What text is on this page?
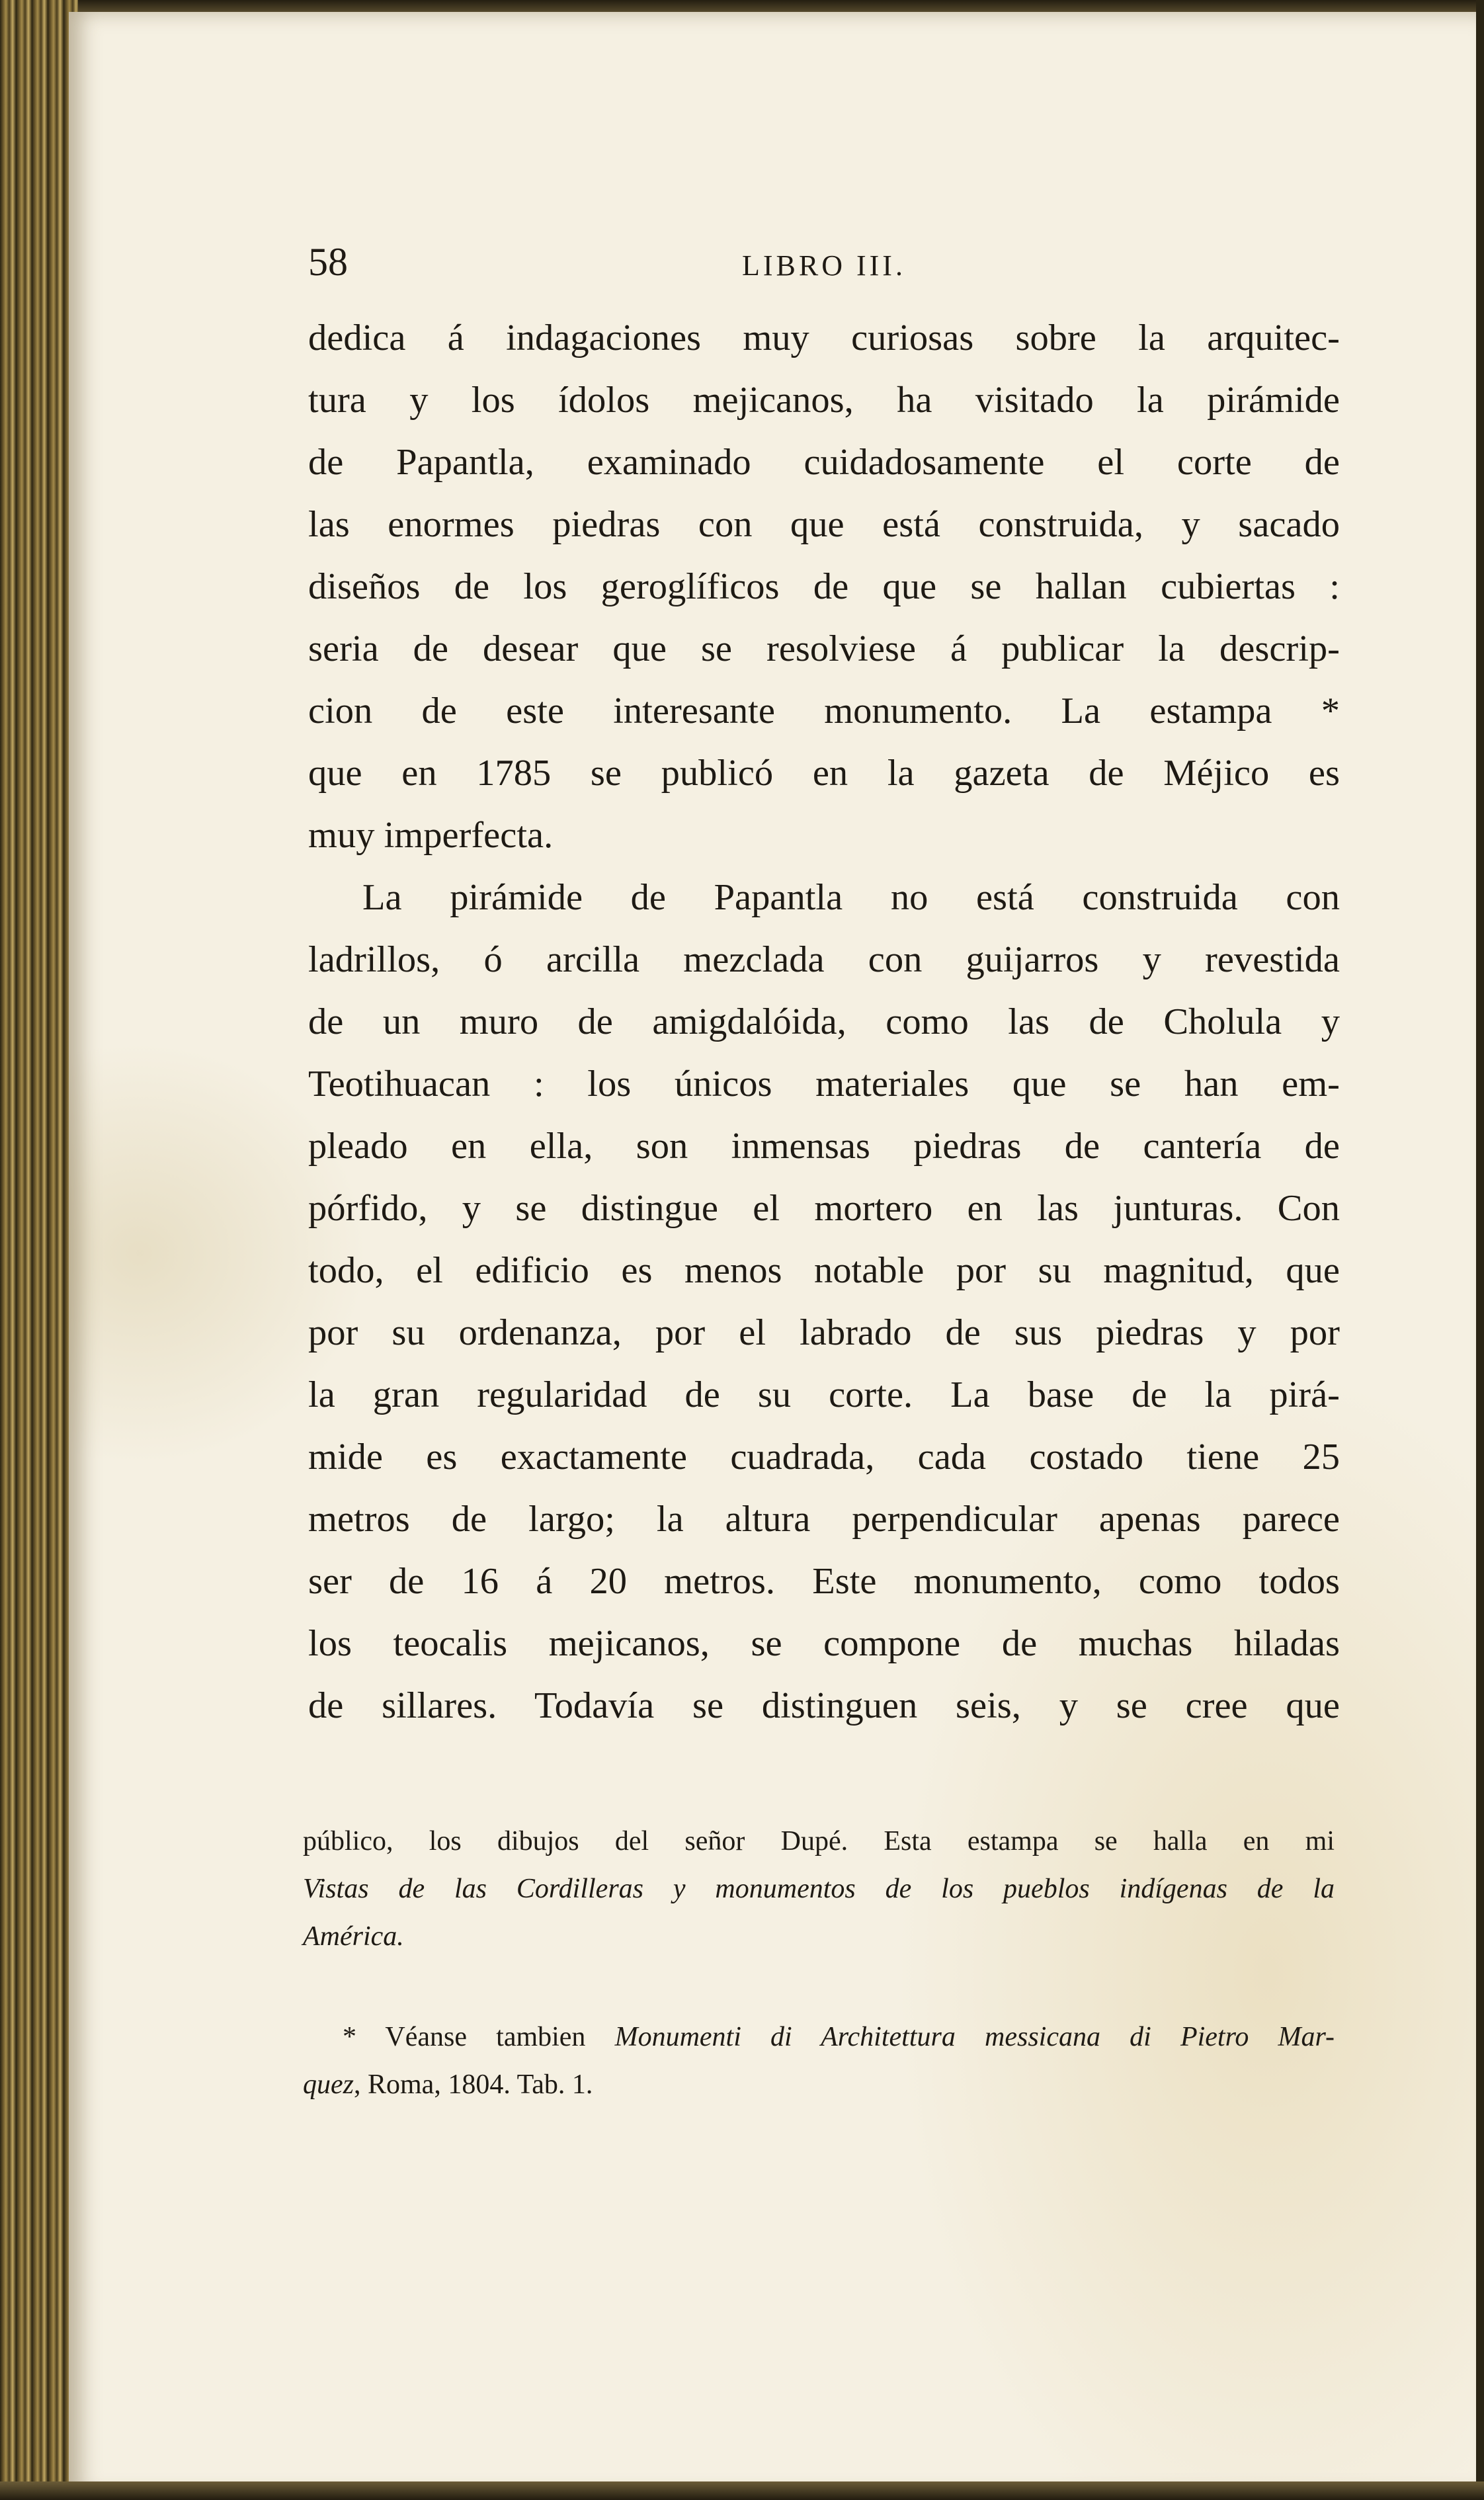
58	LIBRO III.
dedica á indagaciones muy curiosas sobre la arquitec-
tura y los ídolos mejicanos, ha visitado la pirámide
de Papantla, examinado cuidadosamente el corte de
las enormes piedras con que está construida, y sacado
diseños de los geroglíficos de que se hallan cubiertas :
seria de desear que se resolviese á publicar la descrip-
cion de este interesante monumento. La estampa *
que en 1785 se publicó en la gazeta de Méjico es
muy imperfecta.
La pirámide de Papantla no está construida con
ladrillos, ó arcilla mezclada con guijarros y revestida
de un muro de amigdalóida, como las de Cholula y
Teotihuacan : los únicos materiales que se han em-
pleado en ella, son inmensas piedras de cantería de
pórfido, y se distingue el mortero en las junturas. Con
todo, el edificio es menos notable por su magnitud, que
por su ordenanza, por el labrado de sus piedras y por
la gran regularidad de su corte. La base de la pirá-
mide es exactamente cuadrada, cada costado tiene 25
metros de largo; la altura perpendicular apenas parece
ser de 16 á 20 metros. Este monumento, como todos
los teocalis mejicanos, se compone de muchas hiladas
de sillares. Todavía se distinguen seis, y se cree que
público, los dibujos del señor Dupé. Esta estampa se halla en mi
Vistas de las Cordilleras y monumentos de los pueblos indígenas de la
América.
* Véanse tambien Monumenti di Architettura messicana di Pietro Mar-
quez, Roma, 1804. Tab. 1.
